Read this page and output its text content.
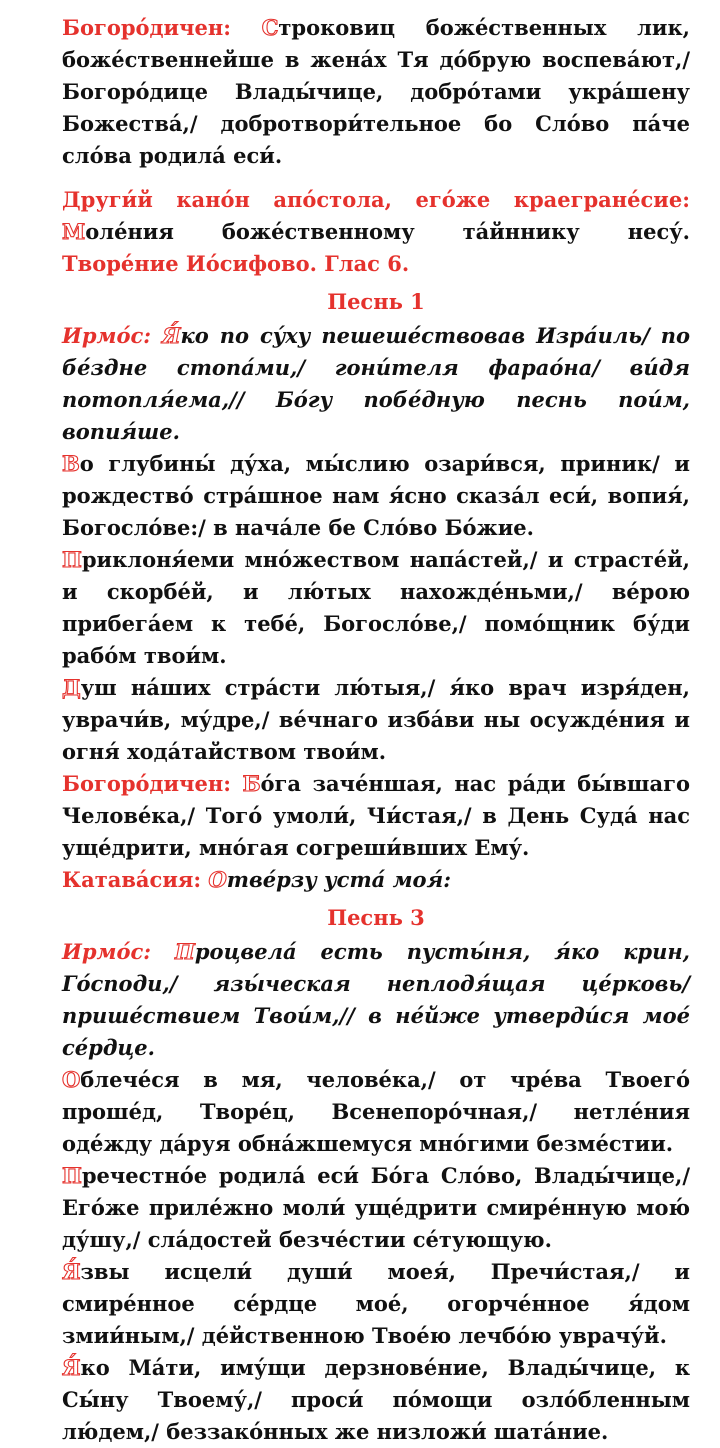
Богоро́дичен: Строковиц боже́ственных лик, боже́ственнейше в жена́х Тя до́брую воспева́ют,/ Богоро́дице Влады́чице, добро́тами укра́шену Божества́,/ добротвори́тельное бо Сло́во па́че сло́ва родила́ еси́.

Други́й кано́н апо́стола, его́же краегране́сие: Моле́ния боже́ственному та́йннику несу́. Творе́ние Ио́сифово. Глас 6.

Песнь 1

Ирмо́с: Я́ко по су́ху пешеше́ствовав Изра́иль/ по бе́здне стопа́ми,/ гони́теля фарао́на/ ви́дя потопля́ема,// Бо́гу побе́дную песнь пои́м, вопия́ше.

Во глубины́ ду́ха, мы́слию озари́вся, приник/ и рождество́ стра́шное нам я́сно сказа́л еси́, вопия́, Богосло́ве:/ в нача́ле бе Сло́во Бо́жие.

Приклоня́еми мно́жеством напа́стей,/ и страсте́й, и скорбе́й, и лю́тых нахожде́ньми,/ ве́рою прибега́ем к тебе́, Богосло́ве,/ помо́щник бу́ди рабо́м твои́м.

Душ на́ших стра́сти лю́тыя,/ я́ко врач изря́ден, уврачи́в, му́дре,/ ве́чнаго изба́ви ны осужде́ния и огня́ хода́тайством твои́м.

Богоро́дичен: Бо́га заче́ншая, нас ра́ди бы́вшаго Челове́ка,/ Того́ умоли́, Чи́стая,/ в День Суда́ нас уще́дрити, мно́гая согреши́вших Ему́.

Катава́сия: Отве́рзу уста́ моя́:

Песнь 3

Ирмо́с: Процвела́ есть пусты́ня, я́ко крин, Го́споди,/ язы́ческая неплодя́щая це́рковь/ прише́ствием Твои́м,// в не́йже утверди́ся мое́ се́рдце.

Облече́ся в мя, челове́ка,/ от чре́ва Твоего́ проше́д, Творе́ц, Всенепоро́чная,/ нетле́ния оде́жду да́руя обна́жшемуся мно́гими безме́стии.

Пречестно́е родила́ еси́ Бо́га Сло́во, Влады́чице,/ Его́же приле́жно моли́ уще́дрити смире́нную мою́ ду́шу,/ сла́достей безче́стии се́тующую.

Я́звы исцели́ души́ моея́, Пречи́стая,/ и смире́нное се́рдце мое́, огорче́нное я́дом змии́ным,/ де́йственною Твое́ю лечбо́ю уврачу́й.

Я́ко Ма́ти, иму́щи дерзнове́ние, Влады́чице, к Сы́ну Твоему́,/ проси́ по́мощи озло́бленным лю́дем,/ беззако́нных же низложи́ шата́ние.
